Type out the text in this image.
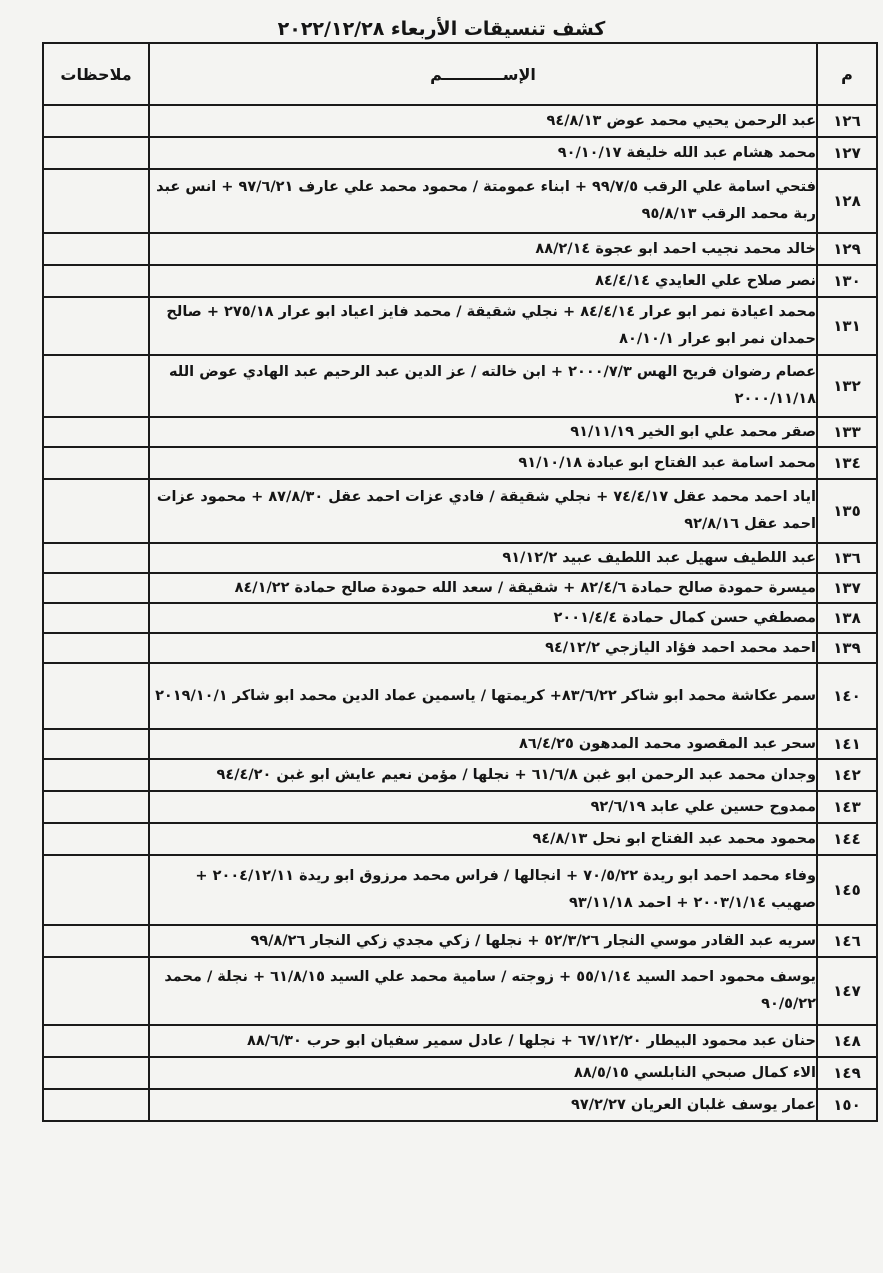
كشف تنسيقات الأربعاء ٢٠٢٢/١٢/٢٨
م	الإســـــــــــم	ملاحظات
١٢٦	عبد الرحمن يحيي محمد عوض ٩٤/٨/١٣	
١٢٧	محمد هشام عبد الله خليفة ٩٠/١٠/١٧	
١٢٨	فتحي اسامة علي الرقب ٩٩/٧/٥ + ابناء عمومتة / محمود محمد علي عارف ٩٧/٦/٢١ + انس عبد ربة محمد الرقب ٩٥/٨/١٣	
١٢٩	خالد محمد نجيب احمد ابو عجوة ٨٨/٢/١٤	
١٣٠	نصر صلاح علي العايدي ٨٤/٤/١٤	
١٣١	محمد اعيادة نمر ابو عرار ٨٤/٤/١٤ + نجلي شقيقة / محمد فايز اعياد ابو عرار ٢٧٥/١٨ + صالح حمدان نمر ابو عرار ٨٠/١٠/١	
١٣٢	عصام رضوان فريح الهس ٢٠٠٠/٧/٣ + ابن خالته / عز الدين عبد الرحيم عبد الهادي عوض الله ٢٠٠٠/١١/١٨	
١٣٣	صقر محمد علي ابو الخير ٩١/١١/١٩	
١٣٤	محمد اسامة عبد الفتاح ابو عيادة ٩١/١٠/١٨	
١٣٥	اياد احمد محمد عقل ٧٤/٤/١٧ + نجلي شقيقة / فادي عزات احمد عقل ٨٧/٨/٣٠ + محمود عزات احمد عقل ٩٢/٨/١٦	
١٣٦	عبد اللطيف سهيل عبد اللطيف عبيد ٩١/١٢/٢	
١٣٧	ميسرة حمودة صالح حمادة ٨٢/٤/٦ + شقيقة / سعد الله حمودة صالح حمادة ٨٤/١/٢٢	
١٣٨	مصطفي حسن كمال حمادة ٢٠٠١/٤/٤	
١٣٩	احمد محمد احمد فؤاد اليازجي ٩٤/١٢/٢	
١٤٠	سمر عكاشة محمد ابو شاكر ٨٣/٦/٢٢+ كريمتها / ياسمين عماد الدين محمد ابو شاكر ٢٠١٩/١٠/١	
١٤١	سحر عبد المقصود محمد المدهون ٨٦/٤/٢٥	
١٤٢	وجدان محمد عبد الرحمن ابو غبن ٦١/٦/٨ + نجلها / مؤمن نعيم عايش ابو غبن ٩٤/٤/٢٠	
١٤٣	ممدوح حسين علي عابد ٩٢/٦/١٩	
١٤٤	محمود محمد عبد الفتاح ابو نحل ٩٤/٨/١٣	
١٤٥	وفاء محمد احمد ابو ريدة ٧٠/٥/٢٢ + انجالها / فراس محمد مرزوق ابو ريدة ٢٠٠٤/١٢/١١ + صهيب ٢٠٠٣/١/١٤ + احمد ٩٣/١١/١٨	
١٤٦	سريه عبد القادر موسي النجار ٥٢/٣/٢٦ + نجلها / زكي مجدي زكي النجار ٩٩/٨/٢٦	
١٤٧	يوسف محمود احمد السيد ٥٥/١/١٤ + زوجته / سامية محمد علي السيد ٦١/٨/١٥ + نجلة / محمد ٩٠/٥/٢٢	
١٤٨	حنان عبد محمود البيطار ٦٧/١٢/٢٠ + نجلها / عادل سمير سفيان ابو حرب ٨٨/٦/٣٠	
١٤٩	الاء كمال صبحي النابلسي ٨٨/٥/١٥	
١٥٠	عمار يوسف غلبان العريان ٩٧/٢/٢٧	
